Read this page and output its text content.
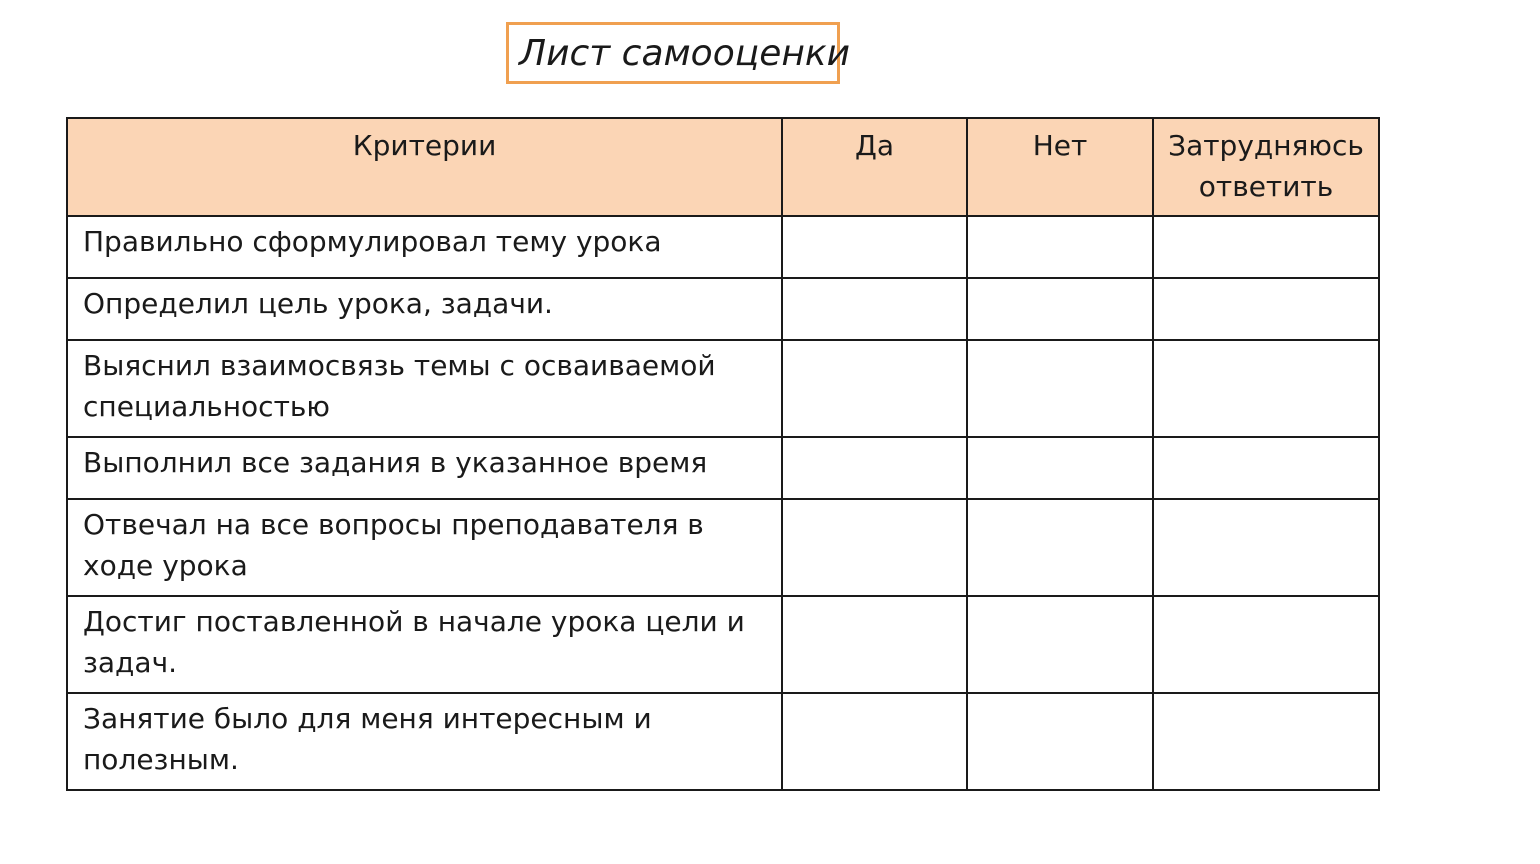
Лист самооценки
Критерии	Да	Нет	Затрудняюсь ответить
Правильно сформулировал тему урока			
Определил цель урока, задачи.			
Выяснил взаимосвязь темы с осваиваемой специальностью			
Выполнил все задания в указанное время			
Отвечал на все вопросы преподавателя в ходе урока			
Достиг поставленной в начале урока цели и задач.			
Занятие было для меня интересным и полезным.			
